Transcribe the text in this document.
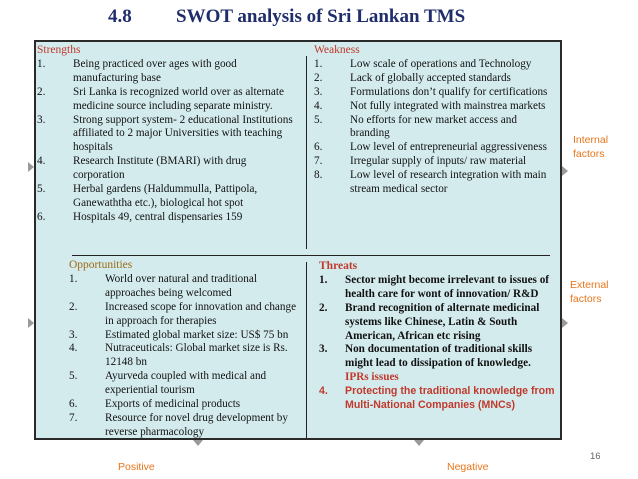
4.8 SWOT analysis of Sri Lankan TMS
Strengths
1. Being practiced over ages with good manufacturing base
2. Sri Lanka is recognized world over as alternate medicine source including separate ministry.
3. Strong support system- 2 educational Institutions affiliated to 2 major Universities with teaching hospitals
4. Research Institute (BMARI) with drug corporation
5. Herbal gardens (Haldummulla, Pattipola, Ganewaththa etc.), biological hot spot
6. Hospitals 49, central dispensaries 159
Weakness
1. Low scale of operations and Technology
2. Lack of globally accepted standards
3. Formulations don’t qualify for certifications
4. Not fully integrated with mainstrea markets
5. No efforts for new market access and branding
6. Low level of entrepreneurial aggressiveness
7. Irregular supply of inputs/ raw material
8. Low level of research integration with main stream medical sector
Opportunities
1. World over natural and traditional approaches being welcomed
2. Increased scope for innovation and change in approach for therapies
3. Estimated global market size: US$ 75 bn
4. Nutraceuticals: Global market size is Rs. 12148 bn
5. Ayurveda coupled with medical and experiential tourism
6. Exports of medicinal products
7. Resource for novel drug development by reverse pharmacology
Threats
1. Sector might become irrelevant to issues of health care for wont of innovation/ R&D
2. Brand recognition of alternate medicinal systems like Chinese, Latin & South American, African etc rising
3. Non documentation of traditional skills might lead to dissipation of knowledge.
IPRs issues
4. Protecting the traditional knowledge from Multi-National Companies (MNCs)
Internal
factors
External
factors
Positive	Negative
16
